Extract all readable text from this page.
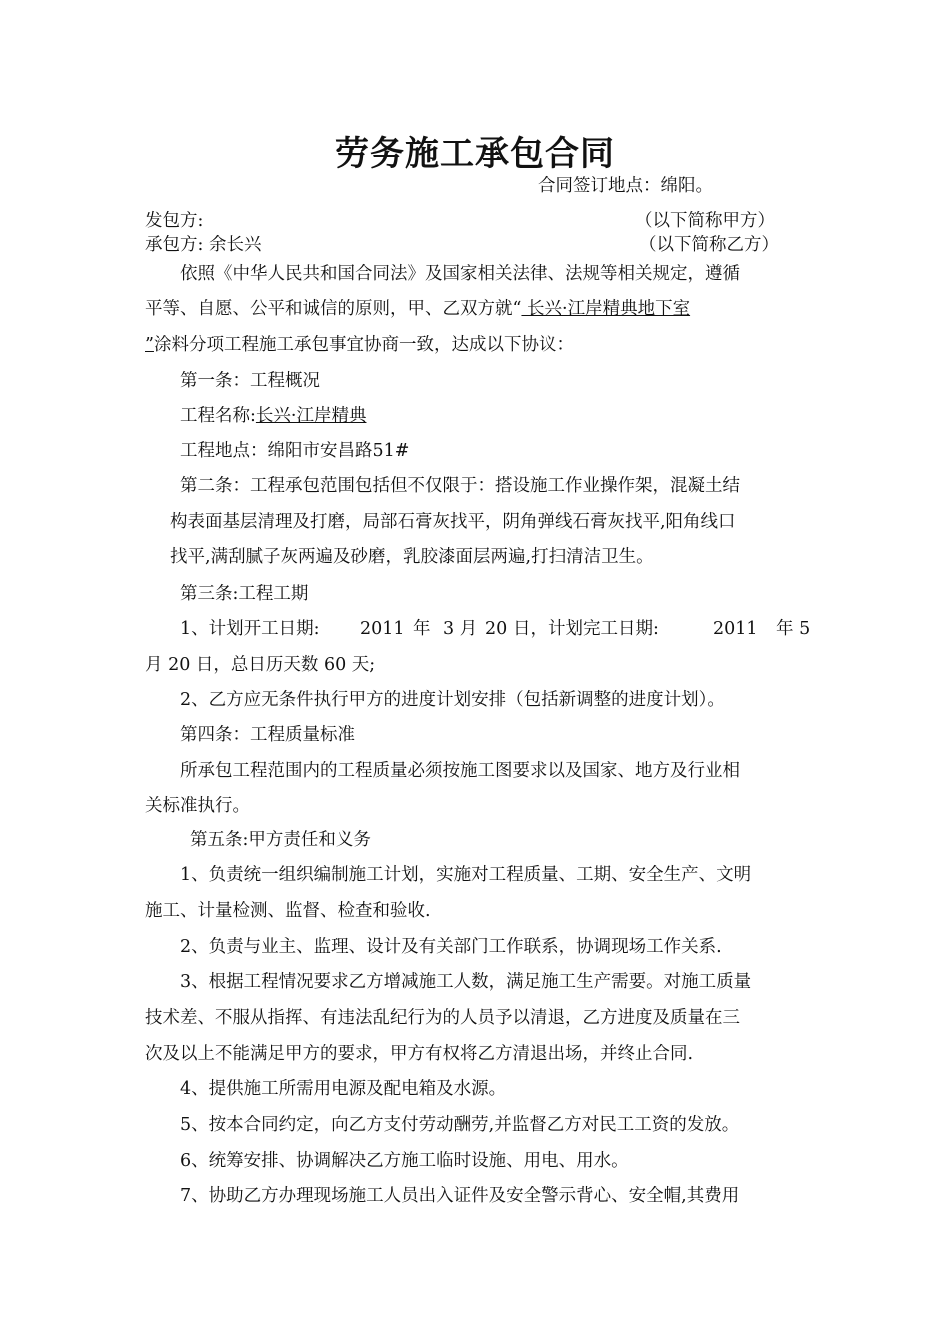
劳务施工承包合同
合同签订地点：绵阳。
发包方:	（以下简称甲方）
承包方: 余长兴	（以下简称乙方）
依照《中华人民共和国合同法》及国家相关法律、法规等相关规定，遵循
平等、自愿、公平和诚信的原则，甲、乙双方就“ 长兴·江岸精典地下室
”涂料分项工程施工承包事宜协商一致，达成以下协议：
第一条：工程概况
工程名称:长兴·江岸精典
工程地点：绵阳市安昌路51#
第二条：工程承包范围包括但不仅限于：搭设施工作业操作架，混凝土结
构表面基层清理及打磨，局部石膏灰找平，阴角弹线石膏灰找平,阳角线口
找平,满刮腻子灰两遍及砂磨，乳胶漆面层两遍,打扫清洁卫生。
第三条:工程工期
1、计划开工日期: 2011 年 3 月 20 日，计划完工日期:	2011 年 5
月 20 日，总日历天数 60 天;
2、乙方应无条件执行甲方的进度计划安排（包括新调整的进度计划）。
第四条：工程质量标准
所承包工程范围内的工程质量必须按施工图要求以及国家、地方及行业相
关标准执行。
第五条:甲方责任和义务
1、负责统一组织编制施工计划，实施对工程质量、工期、安全生产、文明
施工、计量检测、监督、检查和验收.
2、负责与业主、监理、设计及有关部门工作联系，协调现场工作关系.
3、根据工程情况要求乙方增减施工人数，满足施工生产需要。对施工质量
技术差、不服从指挥、有违法乱纪行为的人员予以清退，乙方进度及质量在三
次及以上不能满足甲方的要求，甲方有权将乙方清退出场，并终止合同.
4、提供施工所需用电源及配电箱及水源。
5、按本合同约定，向乙方支付劳动酬劳,并监督乙方对民工工资的发放。
6、统筹安排、协调解决乙方施工临时设施、用电、用水。
7、协助乙方办理现场施工人员出入证件及安全警示背心、安全帽,其费用
